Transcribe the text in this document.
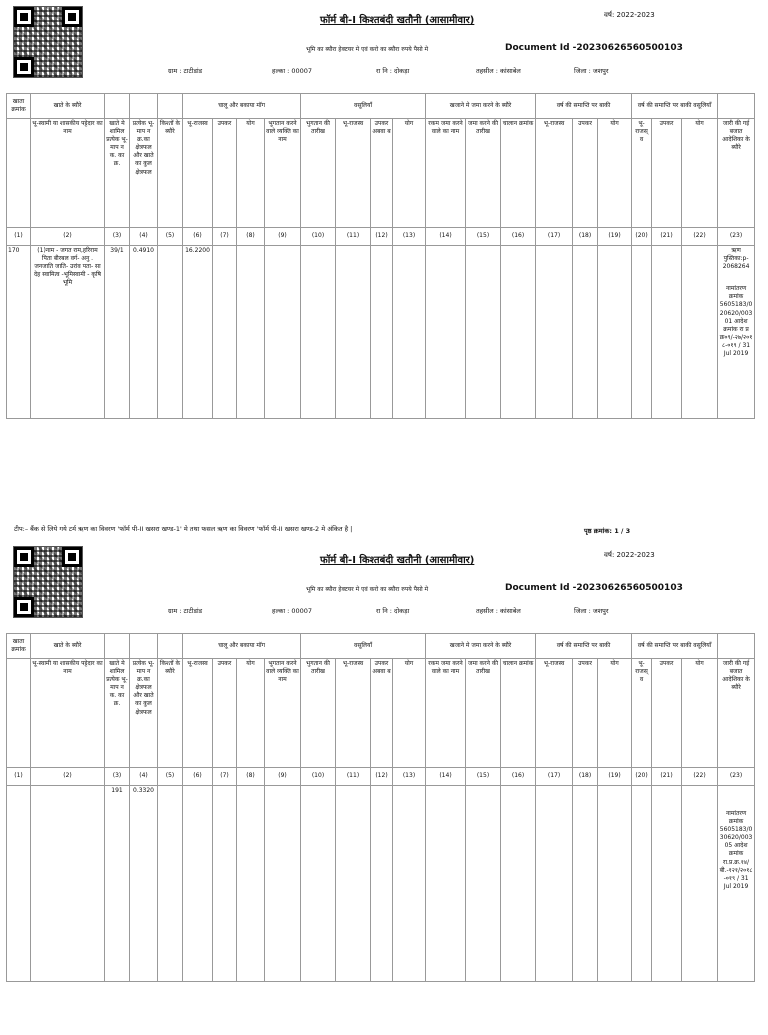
फॉर्म बी-I किश्तबंदी खतौनी (आसामीवार)	वर्ष: 2022-2023
भूमि का ब्यौरा हेक्टयर मे एवं करो का ब्यौरा रुपये पैसो मे	Document Id -20230626560500103
ग्राम : टाटीडांड	हल्का : 00007	रा नि : दोकड़ा	तहसील : कांसाबेल	जिला : जशपुर
खाता क्रमांक	खाते के ब्यौरे				चालू और बकाया मॉग				वसूलियाँ				खजाने मे जमा करने के ब्यौरे			वर्ष की समाप्ति पर बाकी			वर्ष की समाप्ति पर बाकी वसूलियाँ			
	भू-स्वामी या शासकीय पट्टेदार का नाम	खाते मे शामिल प्रत्येक भू-माप न क. का क्र.	प्रत्येक भू-माप न क्र.का क्षेत्रफल और खाते का कुल क्षेत्रफल	किश्तों के ब्यौरे	भू-राजस्व	उपकर	योग	भुगतान करने वाले व्यक्ति का नाम	भुगतान की तारीख	भू-राजस्व	उपकर अबवा ब	योग	रकम जमा करने वाले का नाम	जमा करने की तारीख	चालान क्रमांक	भू-राजस्व	उपकर	योग	भू-राजस् व	उपकर	योग	जारी की गई बजात आदेशिका के ब्यौरे
(1)	(2)	(3)	(4)	(5)	(6)	(7)	(8)	(9)	(10)	(11)	(12)	(13)	(14)	(15)	(16)	(17)	(18)	(19)	(20)	(21)	(22)	(23)
170	(1)नाम - जगत राम,हरिराम पिता बीरबल वर्ग- अनु . जनजाति जाति- उरांव पता- सा देह स्वामित्व -भूमिस्वामी - कृषि भूमि	39/1	0.4910		16.2200																	ऋण पुस्तिका:p-2068264
नामांतरण क्रमांक 5605183/020620/00301 आदेश क्रमांक रा प्र क्र०९/-२७/२०१८-०१९ / 31 Jul 2019
टीप:– बैंक से लिये गये टर्म ऋण का विवरण 'फॉर्म पी-II खसरा खण्ड-1' मे तथा फसल ऋण का विवरण 'फॉर्म पी-II खसरा खण्ड-2 मे अंकित है |	पृष्ठ क्रमांक: 1 / 3
फॉर्म बी-I किश्तबंदी खतौनी (आसामीवार)	वर्ष: 2022-2023
भूमि का ब्यौरा हेक्टयर मे एवं करो का ब्यौरा रुपये पैसो मे	Document Id -20230626560500103
ग्राम : टाटीडांड	हल्का : 00007	रा नि : दोकड़ा	तहसील : कांसाबेल	जिला : जशपुर
खाता क्रमांक	खाते के ब्यौरे				चालू और बकाया मॉग				वसूलियाँ				खजाने मे जमा करने के ब्यौरे			वर्ष की समाप्ति पर बाकी			वर्ष की समाप्ति पर बाकी वसूलियाँ			
	भू-स्वामी या शासकीय पट्टेदार का नाम	खाते मे शामिल प्रत्येक भू-माप न क. का क्र.	प्रत्येक भू-माप न क्र.का क्षेत्रफल और खाते का कुल क्षेत्रफल	किश्तों के ब्यौरे	भू-राजस्व	उपकर	योग	भुगतान करने वाले व्यक्ति का नाम	भुगतान की तारीख	भू-राजस्व	उपकर अबवा ब	योग	रकम जमा करने वाले का नाम	जमा करने की तारीख	चालान क्रमांक	भू-राजस्व	उपकर	योग	भू-राजस् व	उपकर	योग	जारी की गई बजात आदेशिका के ब्यौरे
(1)	(2)	(3)	(4)	(5)	(6)	(7)	(8)	(9)	(10)	(11)	(12)	(13)	(14)	(15)	(16)	(17)	(18)	(19)	(20)	(21)	(22)	(23)
		191	0.3320																			नामांतरण क्रमांक 5605183/030620/00305 आदेश क्रमांक रा.प्र.क्र.१४/बी.-१२१/२०१८-०१९ / 31 Jul 2019
